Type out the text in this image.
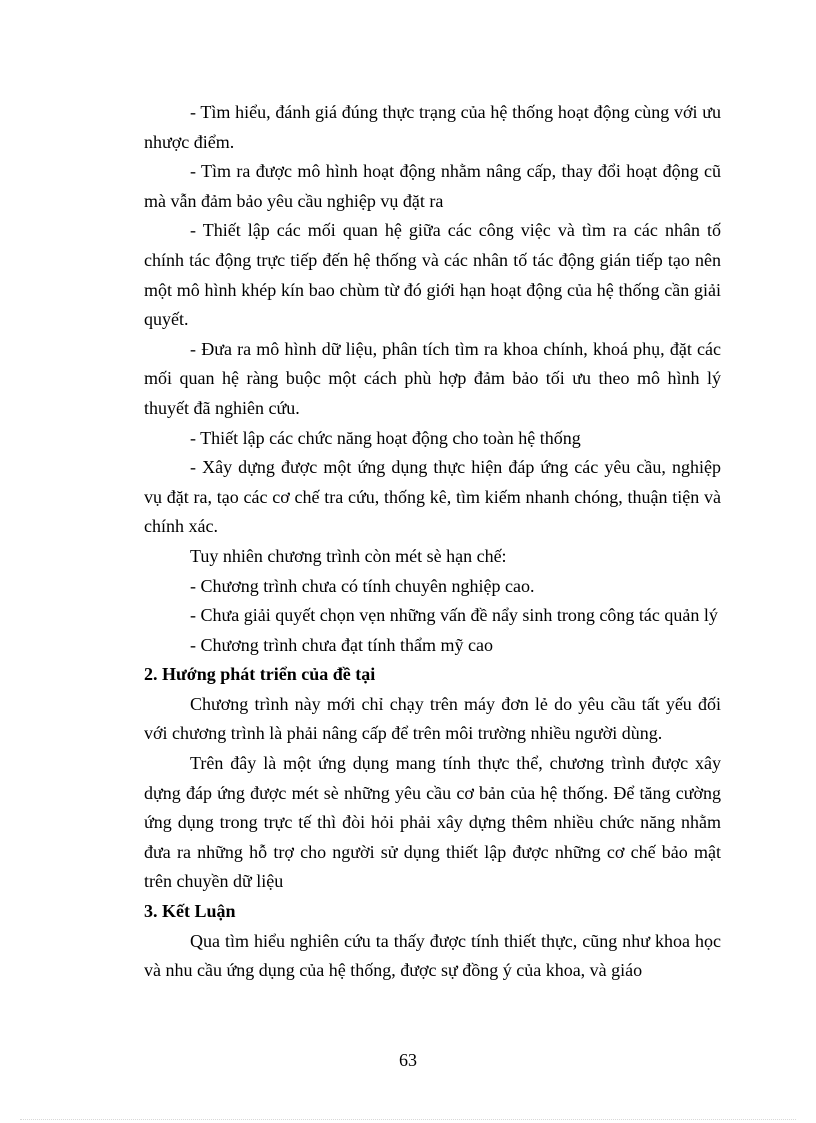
- Tìm hiểu, đánh giá đúng thực trạng của hệ thống hoạt động cùng với ưu nhược điểm.

- Tìm ra được mô hình hoạt động nhằm nâng cấp, thay đổi hoạt động cũ mà vẫn đảm bảo yêu cầu nghiệp vụ đặt ra

- Thiết lập các mối quan hệ giữa các công việc và tìm ra các nhân tố chính tác động trực tiếp đến hệ thống và các nhân tố tác động gián tiếp tạo nên một mô hình khép kín bao chùm từ đó giới hạn hoạt động của hệ thống cần giải quyết.

- Đưa ra mô hình dữ liệu, phân tích tìm ra khoa chính, khoá phụ, đặt các mối quan hệ ràng buộc một cách phù hợp đảm bảo tối ưu theo mô hình lý thuyết đã nghiên cứu.

- Thiết lập các chức năng hoạt động cho toàn hệ thống

- Xây dựng được một ứng dụng thực hiện đáp ứng các yêu cầu, nghiệp vụ đặt ra, tạo các cơ chế tra cứu, thống kê, tìm kiếm nhanh chóng, thuận tiện và chính xác.

Tuy nhiên chương trình còn mét sè hạn chế:

- Chương trình chưa có tính chuyên nghiệp cao.

- Chưa giải quyết chọn vẹn những vấn đề nẩy sinh trong công tác quản lý

- Chương trình chưa đạt tính thẩm mỹ cao

2. Hướng phát triển của đề tại

Chương trình này mới chỉ chạy trên máy đơn lẻ do yêu cầu tất yếu đối với chương trình là phải nâng cấp để trên môi trường nhiều người dùng.

Trên đây là một ứng dụng mang tính thực thể, chương trình được xây dựng đáp ứng được mét sè những yêu cầu cơ bản của hệ thống. Để tăng cường ứng dụng trong trực tế thì đòi hỏi phải xây dựng thêm nhiều chức năng nhằm đưa ra những hỗ trợ cho người sử dụng thiết lập được những cơ chế bảo mật trên chuyền dữ liệu

3. Kết Luận

Qua tìm hiểu nghiên cứu ta thấy được tính thiết thực, cũng như khoa học và nhu cầu ứng dụng của hệ thống, được sự đồng ý của khoa, và giáo

63
